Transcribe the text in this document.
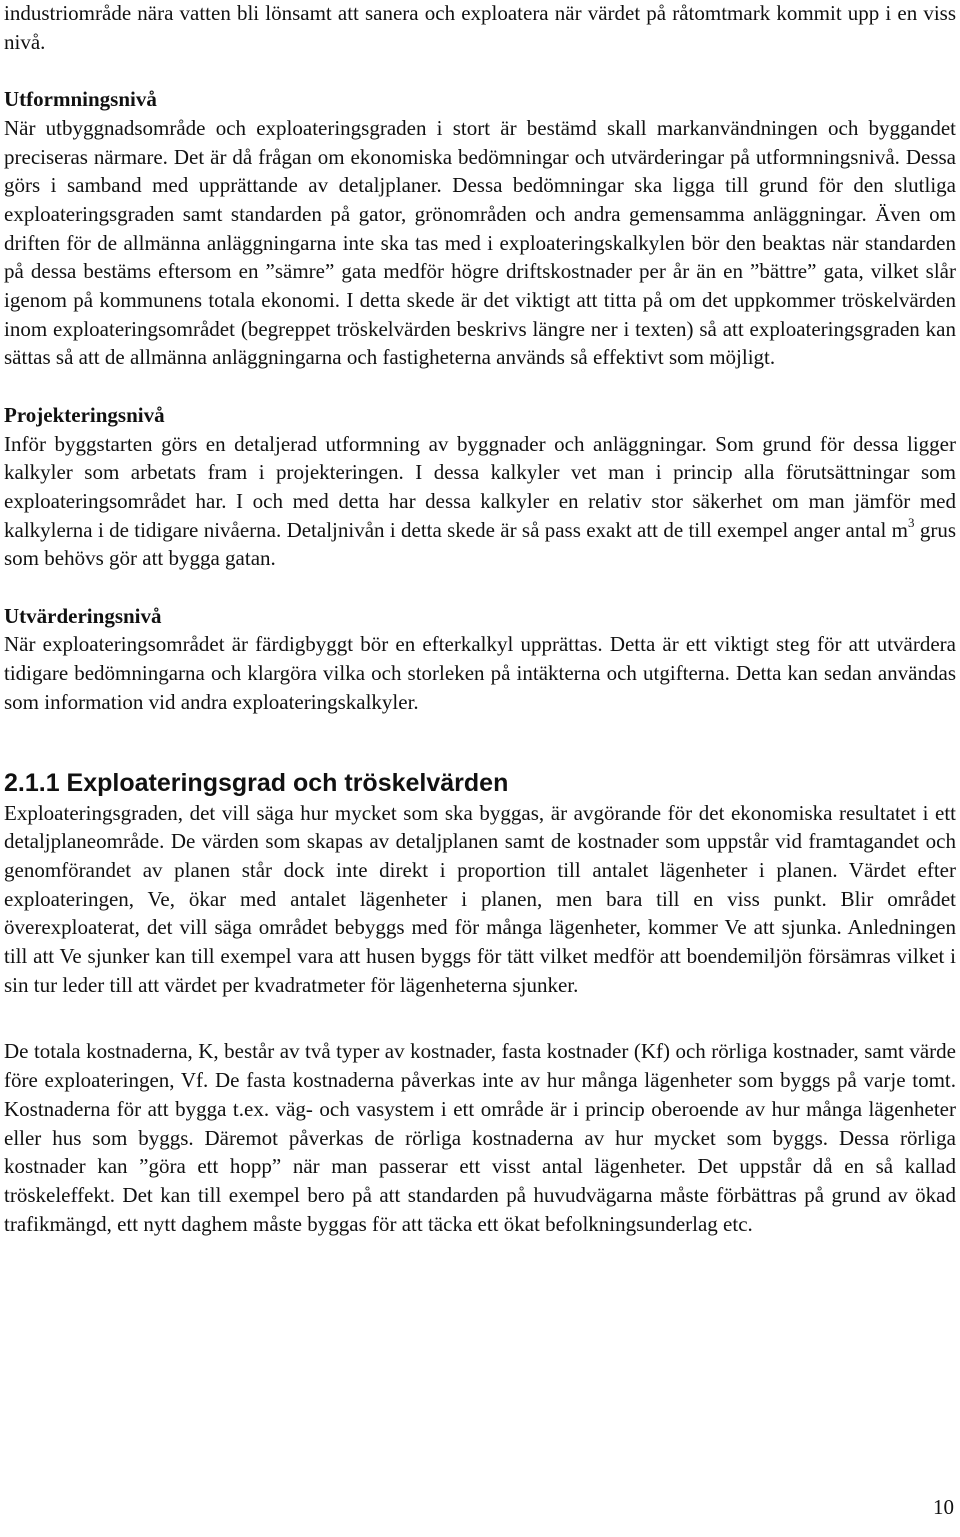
industriområde nära vatten bli lönsamt att sanera och exploatera när värdet på råtomtmark kommit upp i en viss nivå.

Utformningsnivå

När utbyggnadsområde och exploateringsgraden i stort är bestämd skall markanvändningen och byggandet preciseras närmare. Det är då frågan om ekonomiska bedömningar och utvärderingar på utformningsnivå. Dessa görs i samband med upprättande av detaljplaner. Dessa bedömningar ska ligga till grund för den slutliga exploateringsgraden samt standarden på gator, grönområden och andra gemensamma anläggningar. Även om driften för de allmänna anläggningarna inte ska tas med i exploateringskalkylen bör den beaktas när standarden på dessa bestäms eftersom en ”sämre” gata medför högre driftskostnader per år än en ”bättre” gata, vilket slår igenom på kommunens totala ekonomi. I detta skede är det viktigt att titta på om det uppkommer tröskelvärden inom exploateringsområdet (begreppet tröskelvärden beskrivs längre ner i texten) så att exploateringsgraden kan sättas så att de allmänna anläggningarna och fastigheterna används så effektivt som möjligt.

Projekteringsnivå

Inför byggstarten görs en detaljerad utformning av byggnader och anläggningar. Som grund för dessa ligger kalkyler som arbetats fram i projekteringen. I dessa kalkyler vet man i princip alla förutsättningar som exploateringsområdet har. I och med detta har dessa kalkyler en relativ stor säkerhet om man jämför med kalkylerna i de tidigare nivåerna. Detaljnivån i detta skede är så pass exakt att de till exempel anger antal $m^3$ grus som behövs gör att bygga gatan.

Utvärderingsnivå

När exploateringsområdet är färdigbyggt bör en efterkalkyl upprättas. Detta är ett viktigt steg för att utvärdera tidigare bedömningarna och klargöra vilka och storleken på intäkterna och utgifterna. Detta kan sedan användas som information vid andra exploateringskalkyler.

2.1.1 Exploateringsgrad och tröskelvärden

Exploateringsgraden, det vill säga hur mycket som ska byggas, är avgörande för det ekonomiska resultatet i ett detaljplaneområde. De värden som skapas av detaljplanen samt de kostnader som uppstår vid framtagandet och genomförandet av planen står dock inte direkt i proportion till antalet lägenheter i planen. Värdet efter exploateringen, Ve, ökar med antalet lägenheter i planen, men bara till en viss punkt. Blir området överexploaterat, det vill säga området bebyggs med för många lägenheter, kommer Ve att sjunka. Anledningen till att Ve sjunker kan till exempel vara att husen byggs för tätt vilket medför att boendemiljön försämras vilket i sin tur leder till att värdet per kvadratmeter för lägenheterna sjunker.

De totala kostnaderna, K, består av två typer av kostnader, fasta kostnader (Kf) och rörliga kostnader, samt värde före exploateringen, Vf. De fasta kostnaderna påverkas inte av hur många lägenheter som byggs på varje tomt. Kostnaderna för att bygga t.ex. väg- och vasystem i ett område är i princip oberoende av hur många lägenheter eller hus som byggs. Däremot påverkas de rörliga kostnaderna av hur mycket som byggs. Dessa rörliga kostnader kan ”göra ett hopp” när man passerar ett visst antal lägenheter. Det uppstår då en så kallad tröskeleffekt. Det kan till exempel bero på att standarden på huvudvägarna måste förbättras på grund av ökad trafikmängd, ett nytt daghem måste byggas för att täcka ett ökat befolkningsunderlag etc.

10
